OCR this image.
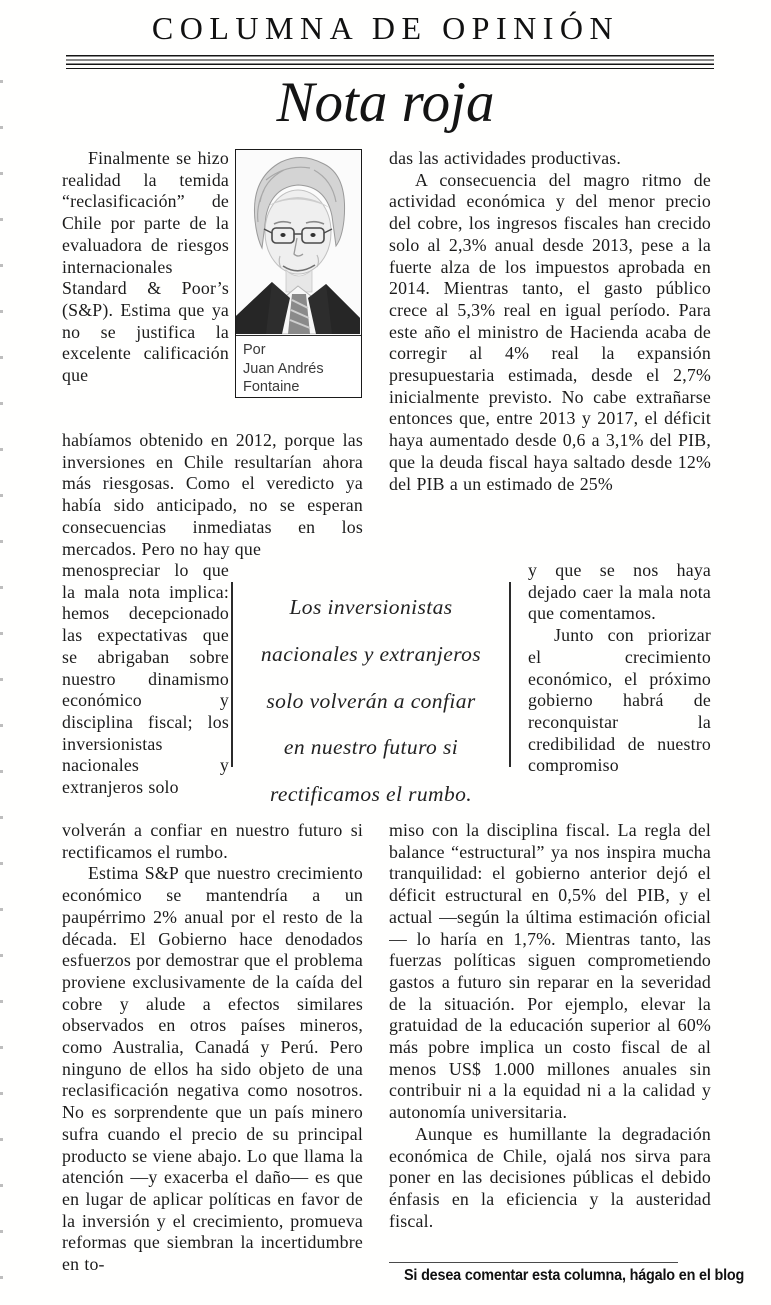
COLUMNA DE OPINIÓN
Nota roja

Finalmente se hizo realidad la temida “reclasificación” de Chile por parte de la evaluadora de riesgos internacionales Standard & Poor’s (S&P). Estima que ya no se justifica la excelente calificación que

habíamos obtenido en 2012, porque las inversiones en Chile resultarían ahora más riesgosas. Como el veredicto ya había sido anticipado, no se esperan consecuencias inmediatas en los mercados. Pero no hay que

menospreciar lo que la mala nota implica: hemos decepcionado las expectativas que se abrigaban sobre nuestro dinamismo económico y disciplina fiscal; los inversionistas nacionales y extranjeros solo

volverán a confiar en nuestro futuro si rectificamos el rumbo.

Estima S&P que nuestro crecimiento económico se mantendría a un paupérrimo 2% anual por el resto de la década. El Gobierno hace denodados esfuerzos por demostrar que el problema proviene exclusivamente de la caída del cobre y alude a efectos similares observados en otros países mineros, como Australia, Canadá y Perú. Pero ninguno de ellos ha sido objeto de una reclasificación negativa como nosotros. No es sorprendente que un país minero sufra cuando el precio de su principal producto se viene abajo. Lo que llama la atención —y exacerba el daño— es que en lugar de aplicar políticas en favor de la inversión y el crecimiento, promueva reformas que siembran la incertidumbre en to-

das las actividades productivas.

A consecuencia del magro ritmo de actividad económica y del menor precio del cobre, los ingresos fiscales han crecido solo al 2,3% anual desde 2013, pese a la fuerte alza de los impuestos aprobada en 2014. Mientras tanto, el gasto público crece al 5,3% real en igual período. Para este año el ministro de Hacienda acaba de corregir al 4% real la expansión presupuestaria estimada, desde el 2,7% inicialmente previsto. No cabe extrañarse entonces que, entre 2013 y 2017, el déficit haya aumentado desde 0,6 a 3,1% del PIB, que la deuda fiscal haya saltado desde 12% del PIB a un estimado de 25%

y que se nos haya dejado caer la mala nota que comentamos.

Junto con priorizar el crecimiento económico, el próximo gobierno habrá de reconquistar la credibilidad de nuestro compromiso

miso con la disciplina fiscal. La regla del balance “estructural” ya nos inspira mucha tranquilidad: el gobierno anterior dejó el déficit estructural en 0,5% del PIB, y el actual —según la última estimación oficial— lo haría en 1,7%. Mientras tanto, las fuerzas políticas siguen comprometiendo gastos a futuro sin reparar en la severidad de la situación. Por ejemplo, elevar la gratuidad de la educación superior al 60% más pobre implica un costo fiscal de al menos US$ 1.000 millones anuales sin contribuir ni a la equidad ni a la calidad y autonomía universitaria.

Aunque es humillante la degradación económica de Chile, ojalá nos sirva para poner en las decisiones públicas el debido énfasis en la eficiencia y la austeridad fiscal.

Por
Juan Andrés
Fontaine
Los inversionistas
nacionales y extranjeros
solo volverán a confiar
en nuestro futuro si
rectificamos el rumbo.
Si desea comentar esta columna, hágalo en el blog
